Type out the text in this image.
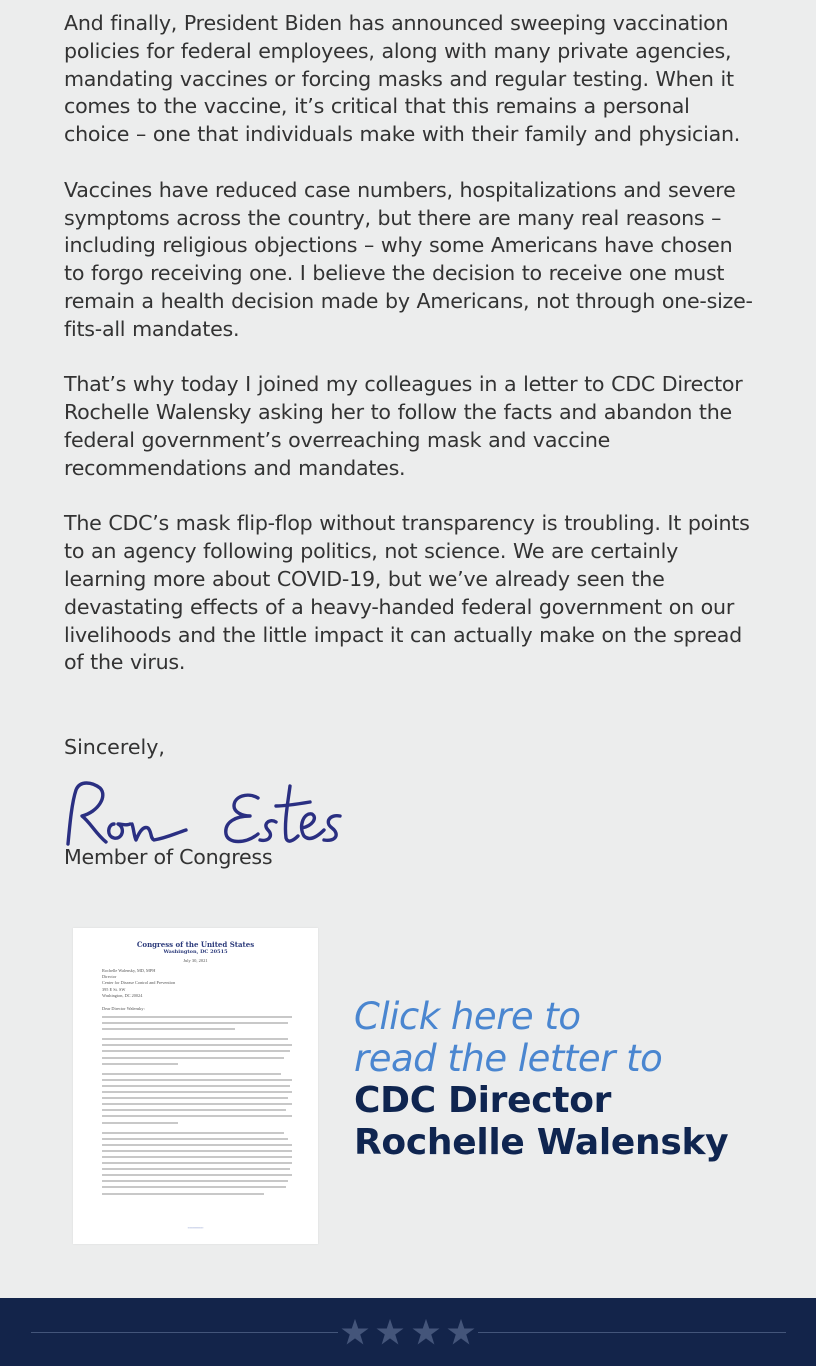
And finally, President Biden has announced sweeping vaccination policies for federal employees, along with many private agencies, mandating vaccines or forcing masks and regular testing. When it comes to the vaccine, it’s critical that this remains a personal choice – one that individuals make with their family and physician.

Vaccines have reduced case numbers, hospitalizations and severe symptoms across the country, but there are many real reasons – including religious objections – why some Americans have chosen to forgo receiving one. I believe the decision to receive one must remain a health decision made by Americans, not through one-size-fits-all mandates.

That’s why today I joined my colleagues in a letter to CDC Director Rochelle Walensky asking her to follow the facts and abandon the federal government’s overreaching mask and vaccine recommendations and mandates.

The CDC’s mask flip-flop without transparency is troubling. It points to an agency following politics, not science. We are certainly learning more about COVID-19, but we’ve already seen the devastating effects of a heavy-handed federal government on our livelihoods and the little impact it can actually make on the spread of the virus.

Sincerely,

Member of Congress
Congress of the United States
Washington, DC 20515
July 30, 2021
Rochelle Walensky, MD, MPH
Director
Center for Disease Control and Prevention
395 E St. SW
Washington, DC 20024
Dear Director Walensky:
•••••••••••••••
Click here to
read the letter to
CDC Director
Rochelle Walensky
